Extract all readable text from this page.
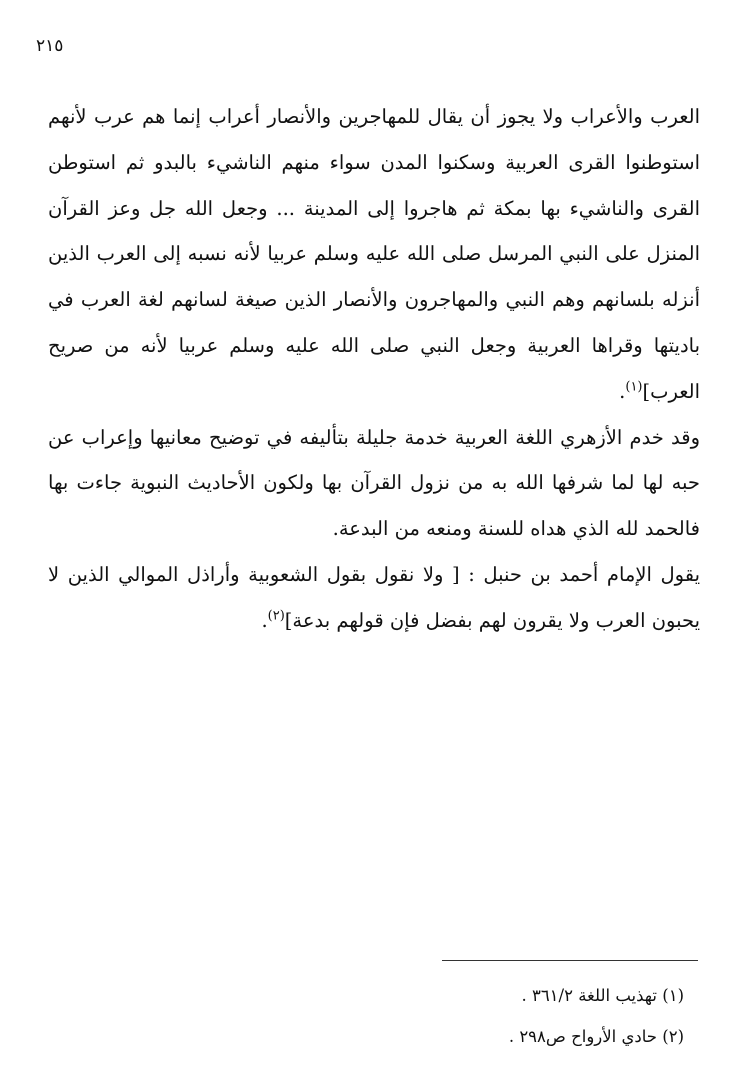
٢١٥

العرب والأعراب ولا يجوز أن يقال للمهاجرين والأنصار أعراب إنما هم عرب لأنهم استوطنوا القرى العربية وسكنوا المدن سواء منهم الناشيء بالبدو ثم استوطن القرى والناشيء بها بمكة ثم هاجروا إلى المدينة ... وجعل الله جل وعز القرآن المنزل على النبي المرسل صلى الله عليه وسلم عربيا لأنه نسبه إلى العرب الذين أنزله بلسانهم وهم النبي والمهاجرون والأنصار الذين صيغة لسانهم لغة العرب في باديتها وقراها العربية وجعل النبي صلى الله عليه وسلم عربيا لأنه من صريح العرب]$^{(١)}$.

وقد خدم الأزهري اللغة العربية خدمة جليلة بتأليفه في توضيح معانيها وإعراب عن حبه لها لما شرفها الله به من نزول القرآن بها ولكون الأحاديث النبوية جاءت بها فالحمد لله الذي هداه للسنة ومنعه من البدعة.

يقول الإمام أحمد بن حنبل : [ ولا نقول بقول الشعوبية وأراذل الموالي الذين لا يحبون العرب ولا يقرون لهم بفضل فإن قولهم بدعة]$^{(٢)}$.

(١) تهذيب اللغة ٣٦١/٢ .

(٢) حادي الأرواح ص٢٩٨ .
